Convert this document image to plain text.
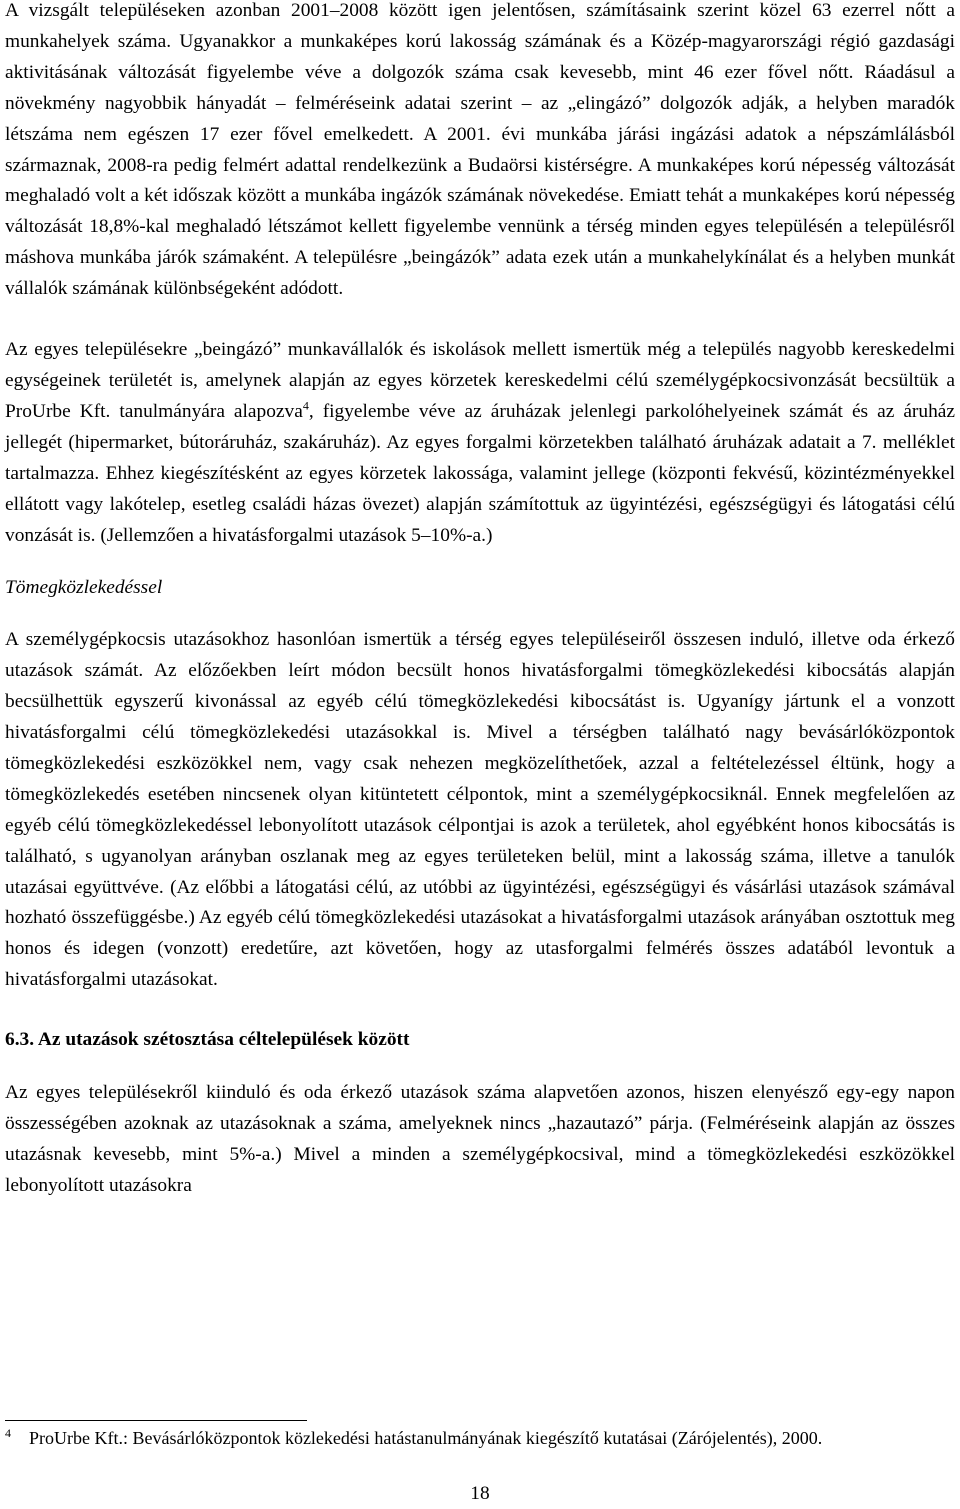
A vizsgált településeken azonban 2001–2008 között igen jelentősen, számításaink szerint közel 63 ezerrel nőtt a munkahelyek száma. Ugyanakkor a munkaképes korú lakosság számának és a Közép-magyarországi régió gazdasági aktivitásának változását figyelembe véve a dolgozók száma csak kevesebb, mint 46 ezer fővel nőtt. Ráadásul a növekmény nagyobbik hányadát – felméréseink adatai szerint – az „elingázó” dolgozók adják, a helyben maradók létszáma nem egészen 17 ezer fővel emelkedett. A 2001. évi munkába járási ingázási adatok a népszámlálásból származnak, 2008-ra pedig felmért adattal rendelkezünk a Budaörsi kistérségre. A munkaképes korú népesség változását meghaladó volt a két időszak között a munkába ingázók számának növekedése. Emiatt tehát a munkaképes korú népesség változását 18,8%-kal meghaladó létszámot kellett figyelembe vennünk a térség minden egyes településén a településről máshova munkába járók számaként. A településre „beingázók” adata ezek után a munkahelykínálat és a helyben munkát vállalók számának különbségeként adódott.

Az egyes településekre „beingázó” munkavállalók és iskolások mellett ismertük még a település nagyobb kereskedelmi egységeinek területét is, amelynek alapján az egyes körzetek kereskedelmi célú személygépkocsivonzását becsültük a ProUrbe Kft. tanulmányára alapozva$^4$, figyelembe véve az áruházak jelenlegi parkolóhelyeinek számát és az áruház jellegét (hipermarket, bútoráruház, szakáruház). Az egyes forgalmi körzetekben található áruházak adatait a 7. melléklet tartalmazza. Ehhez kiegészítésként az egyes körzetek lakossága, valamint jellege (központi fekvésű, közintézményekkel ellátott vagy lakótelep, esetleg családi házas övezet) alapján számítottuk az ügyintézési, egészségügyi és látogatási célú vonzását is. (Jellemzően a hivatásforgalmi utazások 5–10%-a.)

Tömegközlekedéssel

A személygépkocsis utazásokhoz hasonlóan ismertük a térség egyes településeiről összesen induló, illetve oda érkező utazások számát. Az előzőekben leírt módon becsült honos hivatásforgalmi tömegközlekedési kibocsátás alapján becsülhettük egyszerű kivonással az egyéb célú tömegközlekedési kibocsátást is. Ugyanígy jártunk el a vonzott hivatásforgalmi célú tömegközlekedési utazásokkal is. Mivel a térségben található nagy bevásárlóközpontok tömegközlekedési eszközökkel nem, vagy csak nehezen megközelíthetőek, azzal a feltételezéssel éltünk, hogy a tömegközlekedés esetében nincsenek olyan kitüntetett célpontok, mint a személygépkocsiknál. Ennek megfelelően az egyéb célú tömegközlekedéssel lebonyolított utazások célpontjai is azok a területek, ahol egyébként honos kibocsátás is található, s ugyanolyan arányban oszlanak meg az egyes területeken belül, mint a lakosság száma, illetve a tanulók utazásai együttvéve. (Az előbbi a látogatási célú, az utóbbi az ügyintézési, egészségügyi és vásárlási utazások számával hozható összefüggésbe.) Az egyéb célú tömegközlekedési utazásokat a hivatásforgalmi utazások arányában osztottuk meg honos és idegen (vonzott) eredetűre, azt követően, hogy az utasforgalmi felmérés összes adatából levontuk a hivatásforgalmi utazásokat.

6.3. Az utazások szétosztása céltelepülések között

Az egyes településekről kiinduló és oda érkező utazások száma alapvetően azonos, hiszen elenyésző egy-egy napon összességében azoknak az utazásoknak a száma, amelyeknek nincs „hazautazó” párja. (Felméréseink alapján az összes utazásnak kevesebb, mint 5%-a.) Mivel a minden a személygépkocsival, mind a tömegközlekedési eszközökkel lebonyolított utazásokra

$^4$ ProUrbe Kft.: Bevásárlóközpontok közlekedési hatástanulmányának kiegészítő kutatásai (Zárójelentés), 2000.
18
